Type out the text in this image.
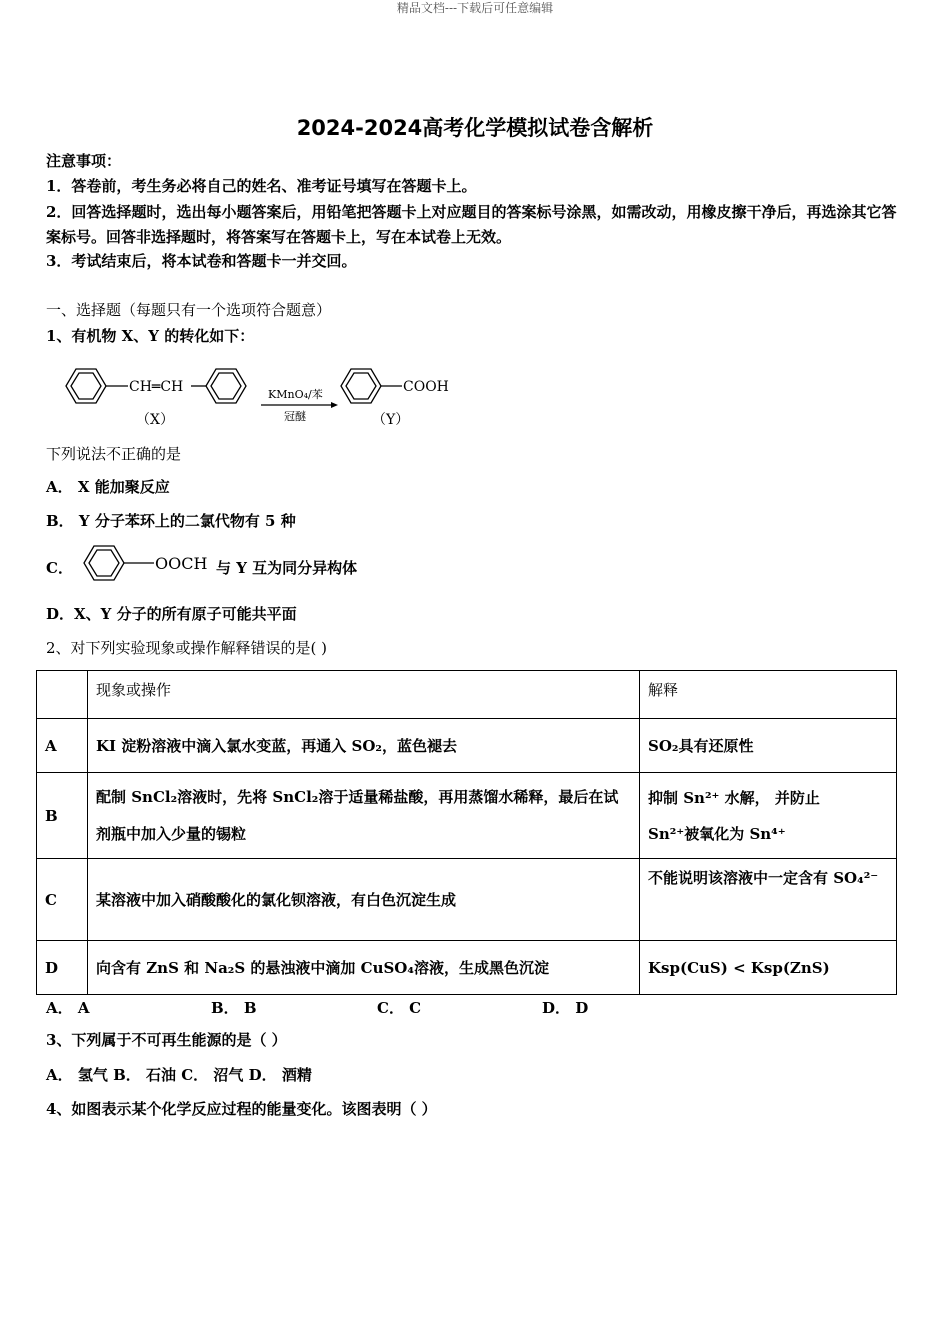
精品文档---下载后可任意编辑
2024-2024高考化学模拟试卷含解析
注意事项：
1．答卷前，考生务必将自己的姓名、准考证号填写在答题卡上。
2．回答选择题时，选出每小题答案后，用铅笔把答题卡上对应题目的答案标号涂黑，如需改动，用橡皮擦干净后，再选涂其它答案标号。回答非选择题时，将答案写在答题卡上，写在本试卷上无效。
3．考试结束后，将本试卷和答题卡一并交回。
一、选择题（每题只有一个选项符合题意）
1、有机物 X、Y 的转化如下：
CH═CH
（X）
KMnO₄/苯
冠醚
COOH
（Y）
下列说法不正确的是
A． X 能加聚反应
B． Y 分子苯环上的二氯代物有 5 种
C．	OOCH 与 Y 互为同分异构体
D．X、Y 分子的所有原子可能共平面
2、对下列实验现象或操作解释错误的是( )
	现象或操作	解释
A	KI 淀粉溶液中滴入氯水变蓝，再通入 SO₂，蓝色褪去	SO₂具有还原性
B	配制 SnCl₂溶液时，先将 SnCl₂溶于适量稀盐酸，再用蒸馏水稀释，最后在试剂瓶中加入少量的锡粒	抑制 Sn²⁺ 水解， 并防止
Sn²⁺被氧化为 Sn⁴⁺

C	某溶液中加入硝酸酸化的氯化钡溶液，有白色沉淀生成	不能说明该溶液中一定含有 SO₄²⁻
D	向含有 ZnS 和 Na₂S 的悬浊液中滴加 CuSO₄溶液，生成黑色沉淀	Ksp(CuS) < Ksp(ZnS)
A． A	B． B	C． C	D． D
3、下列属于不可再生能源的是（ ）
A． 氢气 B． 石油 C． 沼气 D． 酒精
4、如图表示某个化学反应过程的能量变化。该图表明（ ）
